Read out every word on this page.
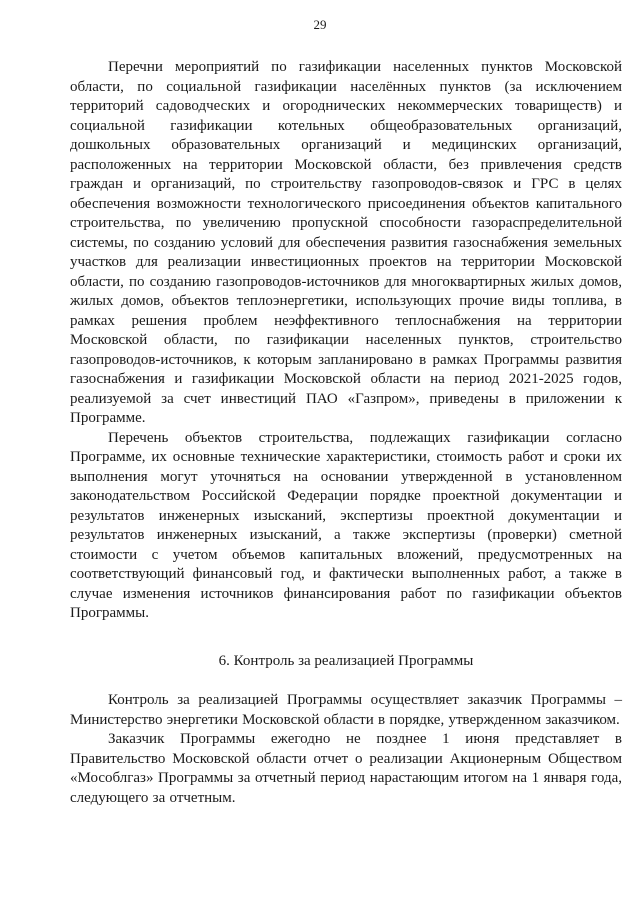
29

Перечни мероприятий по газификации населенных пунктов Московской области, по социальной газификации населённых пунктов (за исключением территорий садоводческих и огороднических некоммерческих товариществ) и социальной газификации котельных общеобразовательных организаций, дошкольных образовательных организаций и медицинских организаций, расположенных на территории Московской области, без привлечения средств граждан и организаций, по строительству газопроводов-связок и ГРС в целях обеспечения возможности технологического присоединения объектов капитального строительства, по увеличению пропускной способности газораспределительной системы, по созданию условий для обеспечения развития газоснабжения земельных участков для реализации инвестиционных проектов на территории Московской области, по созданию газопроводов-источников для многоквартирных жилых домов, жилых домов, объектов теплоэнергетики, использующих прочие виды топлива, в рамках решения проблем неэффективного теплоснабжения на территории Московской области, по газификации населенных пунктов, строительство газопроводов-источников, к которым запланировано в рамках Программы развития газоснабжения и газификации Московской области на период 2021-2025 годов, реализуемой за счет инвестиций ПАО «Газпром», приведены в приложении к Программе.

Перечень объектов строительства, подлежащих газификации согласно Программе, их основные технические характеристики, стоимость работ и сроки их выполнения могут уточняться на основании утвержденной в установленном законодательством Российской Федерации порядке проектной документации и результатов инженерных изысканий, экспертизы проектной документации и результатов инженерных изысканий, а также экспертизы (проверки) сметной стоимости с учетом объемов капитальных вложений, предусмотренных на соответствующий финансовый год, и фактически выполненных работ, а также в случае изменения источников финансирования работ по газификации объектов Программы.

6. Контроль за реализацией Программы

Контроль за реализацией Программы осуществляет заказчик Программы – Министерство энергетики Московской области в порядке, утвержденном заказчиком.

Заказчик Программы ежегодно не позднее 1 июня представляет в Правительство Московской области отчет о реализации Акционерным Обществом «Мособлгаз» Программы за отчетный период нарастающим итогом на 1 января года, следующего за отчетным.
